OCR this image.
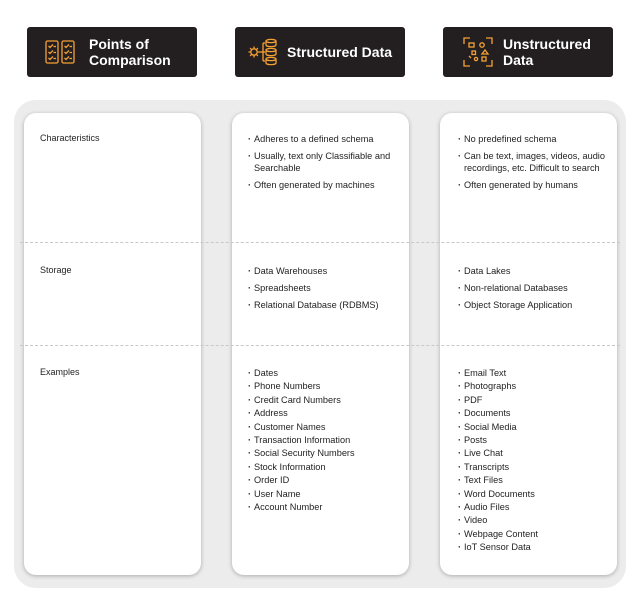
Points of
Comparison	Structured Data	Unstructured
Data
Characteristics
Storage
Examples
· Adheres to a defined schema
· Usually, text only Classifiable and Searchable
· Often generated by machines
· Data Warehouses
· Spreadsheets
· Relational Database (RDBMS)
· Dates
· Phone Numbers
· Credit Card Numbers
· Address
· Customer Names
· Transaction Information
· Social Security Numbers
· Stock Information
· Order ID
· User Name
· Account Number
· No predefined schema
· Can be text, images, videos, audio recordings, etc. Difficult to search
· Often generated by humans
· Data Lakes
· Non-relational Databases
· Object Storage Application
· Email Text
· Photographs
· PDF
· Documents
· Social Media
· Posts
· Live Chat
· Transcripts
· Text Files
· Word Documents
· Audio Files
· Video
· Webpage Content
· IoT Sensor Data
